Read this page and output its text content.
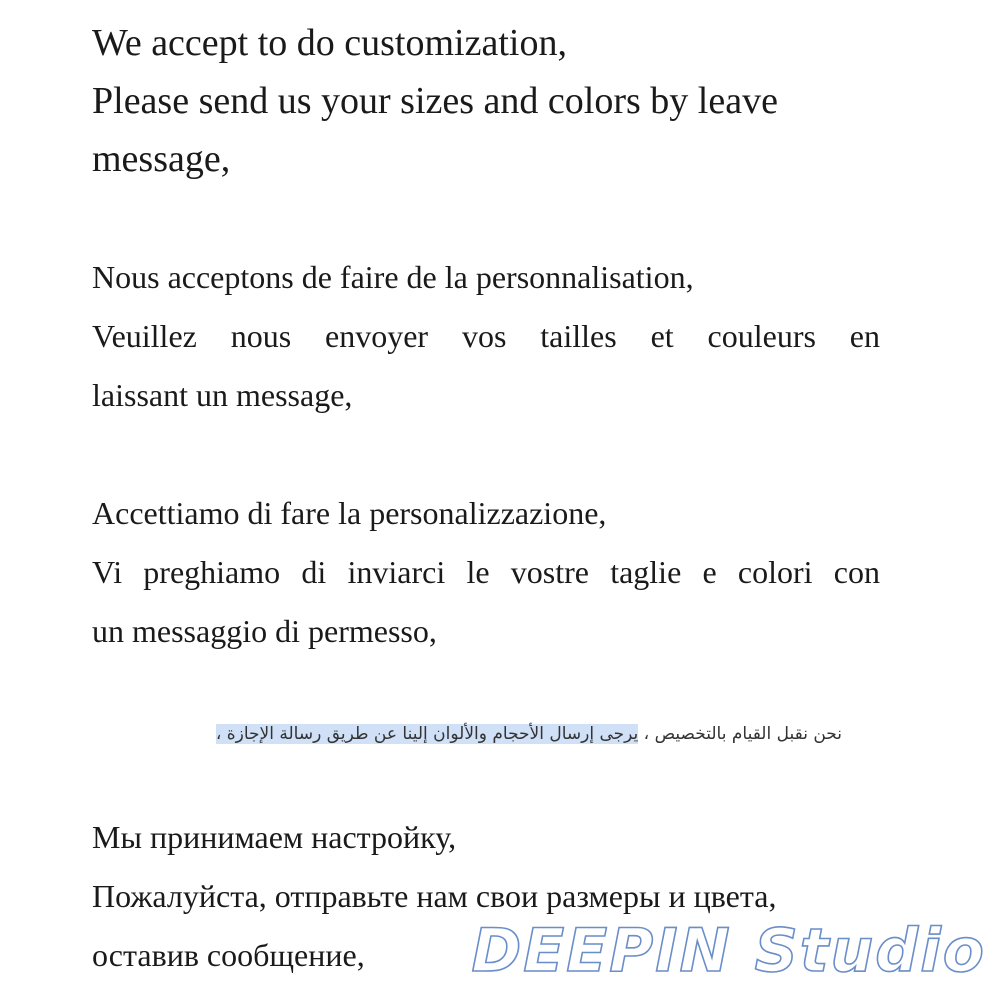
We accept to do customization,
Please send us your sizes and colors by leave
message,
Nous acceptons de faire de la personnalisation,
Veuillez nous envoyer vos tailles et couleurs en
laissant un message,
Accettiamo di fare la personalizzazione,
Vi preghiamo di inviarci le vostre taglie e colori con
un messaggio di permesso,
نحن نقبل القيام بالتخصيص ، يرجى إرسال الأحجام والألوان إلينا عن طريق رسالة الإجازة ،
Мы принимаем настройку,
Пожалуйста, отправьте нам свои размеры и цвета,
оставив сообщение,	DEEPIN Studio
